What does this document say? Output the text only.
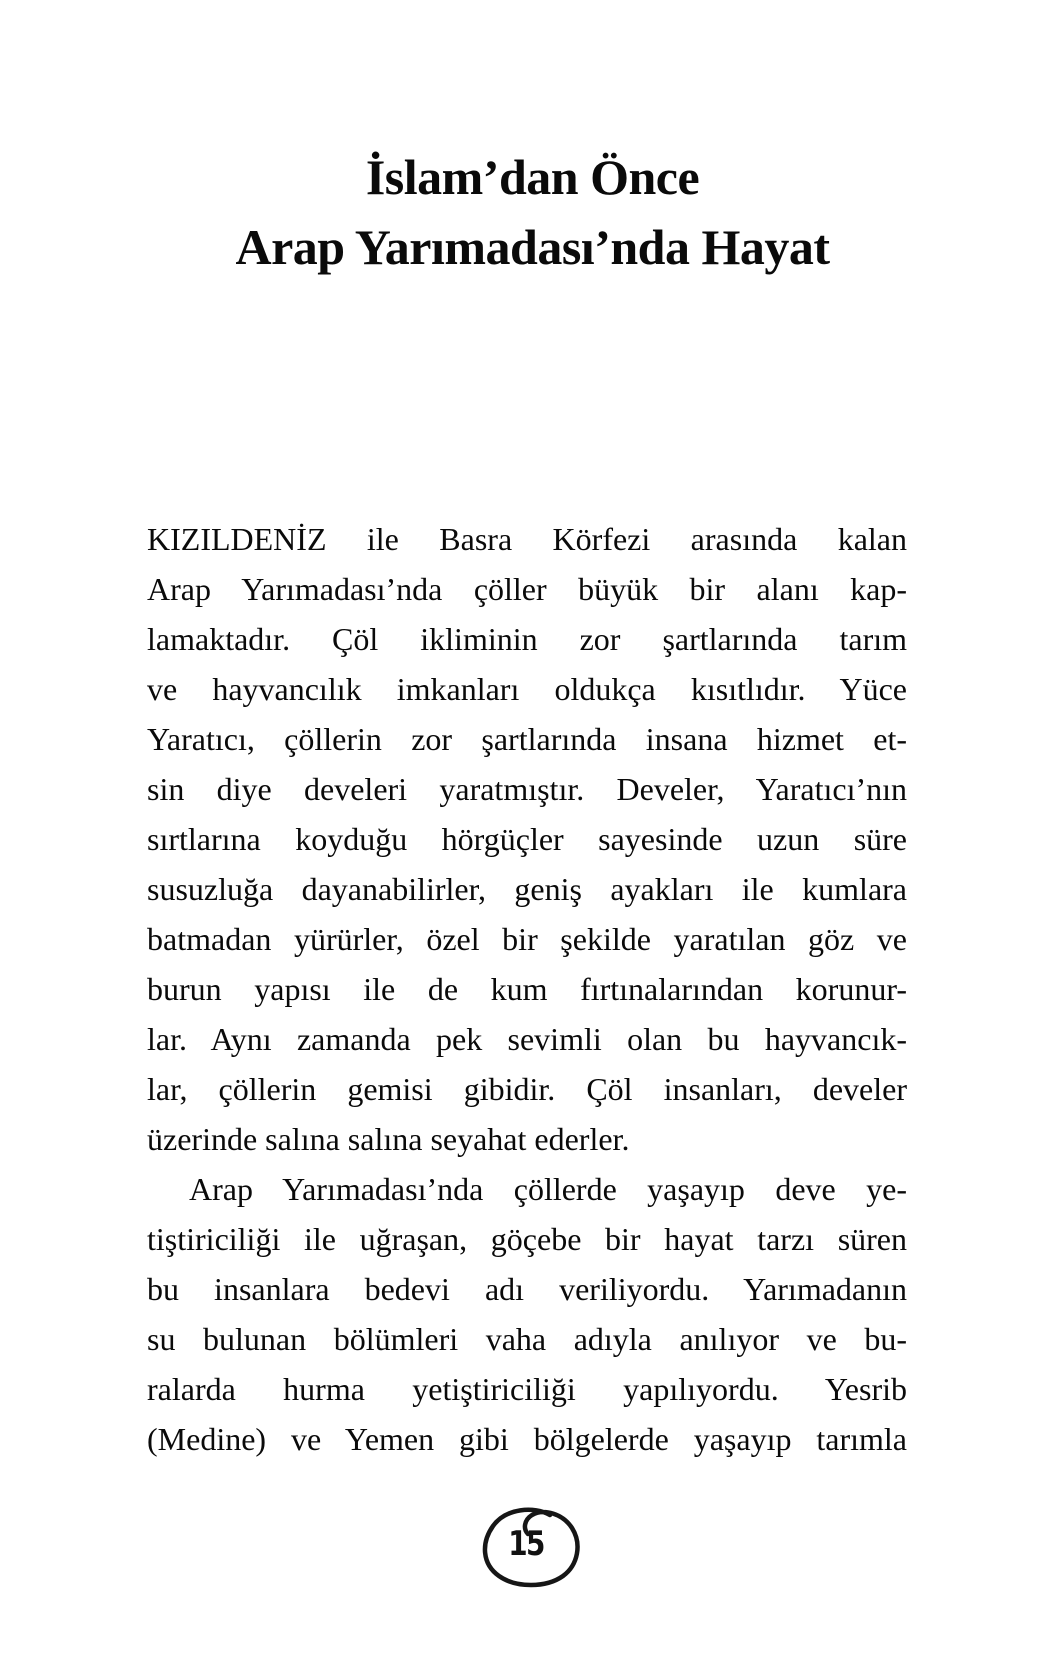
İslam’dan Önce
Arap Yarımadası’nda Hayat
KIZILDENİZ ile Basra Körfezi arasında kalan
Arap Yarımadası’nda çöller büyük bir alanı kap-
lamaktadır. Çöl ikliminin zor şartlarında tarım
ve hayvancılık imkanları oldukça kısıtlıdır. Yüce
Yaratıcı, çöllerin zor şartlarında insana hizmet et-
sin diye develeri yaratmıştır. Develer, Yaratıcı’nın
sırtlarına koyduğu hörgüçler sayesinde uzun süre
susuzluğa dayanabilirler, geniş ayakları ile kumlara
batmadan yürürler, özel bir şekilde yaratılan göz ve
burun yapısı ile de kum fırtınalarından korunur-
lar. Aynı zamanda pek sevimli olan bu hayvancık-
lar, çöllerin gemisi gibidir. Çöl insanları, develer
üzerinde salına salına seyahat ederler.
Arap Yarımadası’nda çöllerde yaşayıp deve ye-
tiştiriciliği ile uğraşan, göçebe bir hayat tarzı süren
bu insanlara bedevi adı veriliyordu. Yarımadanın
su bulunan bölümleri vaha adıyla anılıyor ve bu-
ralarda hurma yetiştiriciliği yapılıyordu. Yesrib
(Medine) ve Yemen gibi bölgelerde yaşayıp tarımla
15
